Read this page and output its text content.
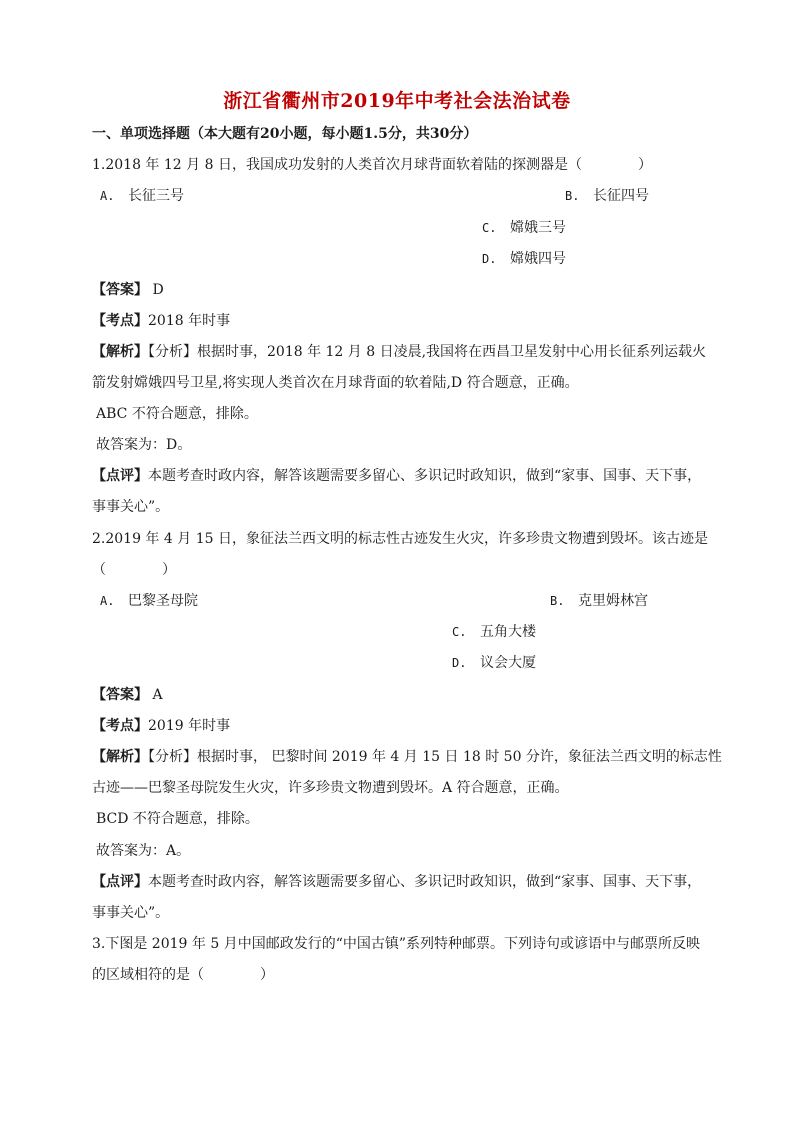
浙江省衢州市2019年中考社会法治试卷
一、单项选择题（本大题有20小题，每小题1.5分，共30分）
1.2018 年 12 月 8 日，我国成功发射的人类首次月球背面软着陆的探测器是（　　　　）
A. 长征三号	B. 长征四号
C. 嫦娥三号
D. 嫦娥四号
【答案】 D
【考点】2018 年时事
【解析】【分析】根据时事，2018 年 12 月 8 日凌晨,我国将在西昌卫星发射中心用长征系列运载火
箭发射嫦娥四号卫星,将实现人类首次在月球背面的软着陆,D 符合题意，正确。
ABC 不符合题意，排除。
故答案为：D。
【点评】本题考查时政内容，解答该题需要多留心、多识记时政知识，做到“家事、国事、天下事，
事事关心”。
2.2019 年 4 月 15 日，象征法兰西文明的标志性古迹发生火灾，许多珍贵文物遭到毁坏。该古迹是
（　　　　）
A. 巴黎圣母院	B. 克里姆林宫
C. 五角大楼
D. 议会大厦
【答案】 A
【考点】2019 年时事
【解析】【分析】根据时事， 巴黎时间 2019 年 4 月 15 日 18 时 50 分许，象征法兰西文明的标志性
古迹——巴黎圣母院发生火灾，许多珍贵文物遭到毁坏。A 符合题意，正确。
BCD 不符合题意，排除。
故答案为：A。
【点评】本题考查时政内容，解答该题需要多留心、多识记时政知识，做到“家事、国事、天下事，
事事关心”。
3.下图是 2019 年 5 月中国邮政发行的“中国古镇”系列特种邮票。下列诗句或谚语中与邮票所反映
的区域相符的是（　　　　）
